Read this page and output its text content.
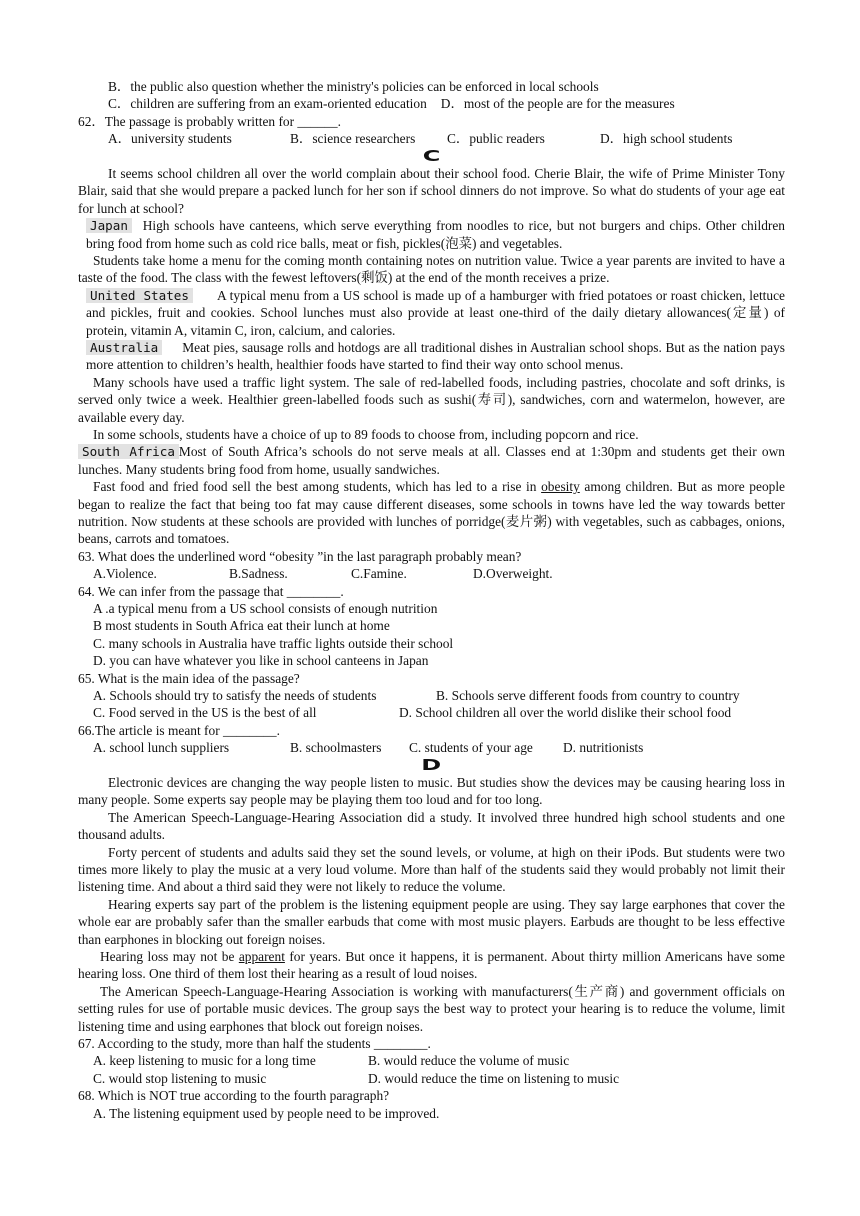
B．the public also question whether the ministry's policies can be enforced in local schools
C．children are suffering from an exam-oriented education D．most of the people are for the measures
62．The passage is probably written for ______.
A．university students	B．science researchers C．public readers	D．high school students
C

It seems school children all over the world complain about their school food. Cherie Blair, the wife of Prime Minister Tony Blair, said that she would prepare a packed lunch for her son if school dinners do not improve. So what do students of your age eat for lunch at school?

Japan High schools have canteens, which serve everything from noodles to rice, but not burgers and chips. Other children bring food from home such as cold rice balls, meat or fish, pickles(泡菜) and vegetables.

Students take home a menu for the coming month containing notes on nutrition value. Twice a year parents are invited to have a taste of the food. The class with the fewest leftovers(剩饭) at the end of the month receives a prize.

United States A typical menu from a US school is made up of a hamburger with fried potatoes or roast chicken, lettuce and pickles, fruit and cookies. School lunches must also provide at least one-third of the daily dietary allowances(定量) of protein, vitamin A, vitamin C, iron, calcium, and calories.

Australia Meat pies, sausage rolls and hotdogs are all traditional dishes in Australian school shops. But as the nation pays more attention to children’s health, healthier foods have started to find their way onto school menus.

Many schools have used a traffic light system. The sale of red-labelled foods, including pastries, chocolate and soft drinks, is served only twice a week. Healthier green-labelled foods such as sushi(寿司), sandwiches, corn and watermelon, however, are available every day.

In some schools, students have a choice of up to 89 foods to choose from, including popcorn and rice.

South Africa Most of South Africa’s schools do not serve meals at all. Classes end at 1:30pm and students get their own lunches. Many students bring food from home, usually sandwiches.

Fast food and fried food sell the best among students, which has led to a rise in obesity among children. But as more people began to realize the fact that being too fat may cause different diseases, some schools in towns have led the way towards better nutrition. Now students at these schools are provided with lunches of porridge(麦片粥) with vegetables, such as cabbages, onions, beans, carrots and tomatoes.

63. What does the underlined word “obesity ”in the last paragraph probably mean?
A.Violence.	B.Sadness.	C.Famine.	D.Overweight.
64. We can infer from the passage that ________.
A .a typical menu from a US school consists of enough nutrition
B most students in South Africa eat their lunch at home
C. many schools in Australia have traffic lights outside their school
D. you can have whatever you like in school canteens in Japan
65. What is the main idea of the passage?
A. Schools should try to satisfy the needs of students	B. Schools serve different foods from country to country
C. Food served in the US is the best of all	D. School children all over the world dislike their school food
66.The article is meant for ________.
A. school lunch suppliers	B. schoolmasters C. students of your age D. nutritionists
D

Electronic devices are changing the way people listen to music. But studies show the devices may be causing hearing loss in many people. Some experts say people may be playing them too loud and for too long.

The American Speech-Language-Hearing Association did a study. It involved three hundred high school students and one thousand adults.

Forty percent of students and adults said they set the sound levels, or volume, at high on their iPods. But students were two times more likely to play the music at a very loud volume. More than half of the students said they would probably not limit their listening time. And about a third said they were not likely to reduce the volume.

Hearing experts say part of the problem is the listening equipment people are using. They say large earphones that cover the whole ear are probably safer than the smaller earbuds that come with most music players. Earbuds are thought to be less effective than earphones in blocking out foreign noises.

Hearing loss may not be apparent for years. But once it happens, it is permanent. About thirty million Americans have some hearing loss. One third of them lost their hearing as a result of loud noises.

The American Speech-Language-Hearing Association is working with manufacturers(生产商) and government officials on setting rules for use of portable music devices. The group says the best way to protect your hearing is to reduce the volume, limit listening time and using earphones that block out foreign noises.

67. According to the study, more than half the students ________.
A. keep listening to music for a long time	B. would reduce the volume of music
C. would stop listening to music	D. would reduce the time on listening to music
68. Which is NOT true according to the fourth paragraph?
A. The listening equipment used by people need to be improved.
